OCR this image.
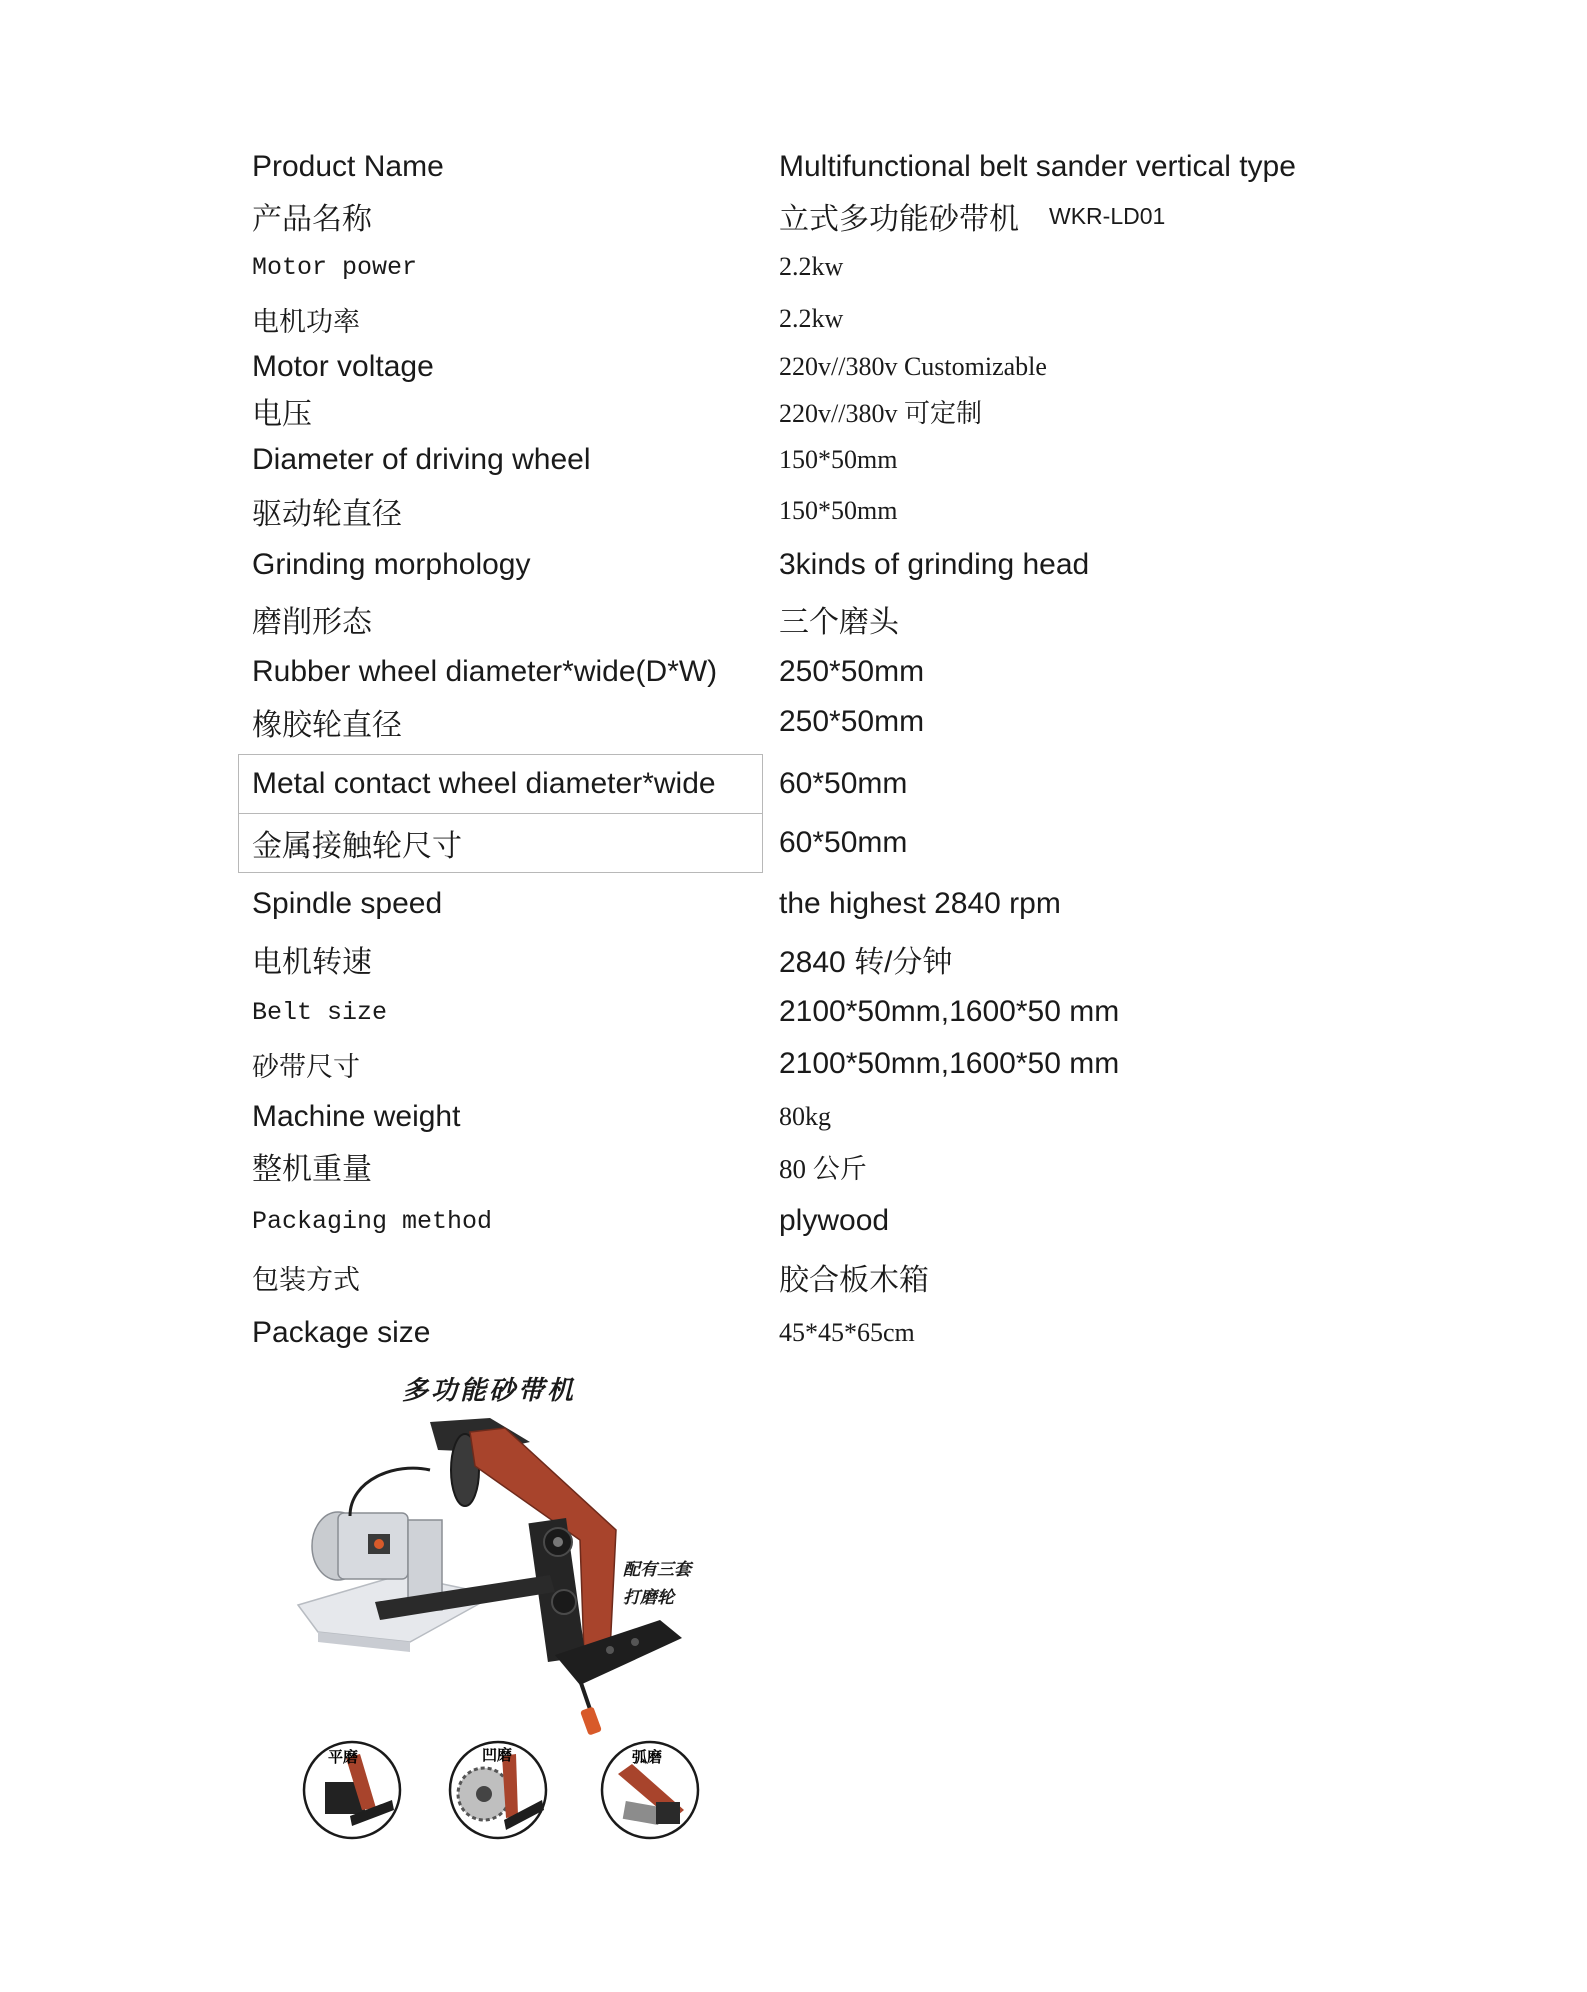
Product Name	Multifunctional belt sander vertical type
产品名称	立式多功能砂带机 WKR-LD01
Motor power	2.2kw
电机功率	2.2kw
Motor voltage	220v//380v Customizable
电压	220v//380v 可定制
Diameter of driving wheel	150*50mm
驱动轮直径	150*50mm
Grinding morphology	3kinds of grinding head
磨削形态	三个磨头
Rubber wheel diameter*wide(D*W) 250*50mm
橡胶轮直径	250*50mm
Metal contact wheel diameter*wide 60*50mm
金属接触轮尺寸	60*50mm
Spindle speed	the highest 2840 rpm
电机转速	2840 转/分钟
Belt size	2100*50mm,1600*50 mm
砂带尺寸	2100*50mm,1600*50 mm
Machine weight	80kg
整机重量	80 公斤
Packaging method	plywood
包装方式	胶合板木箱
Package size	45*45*65cm
多功能砂带机
配有三套
打磨轮
平磨	凹磨	弧磨
